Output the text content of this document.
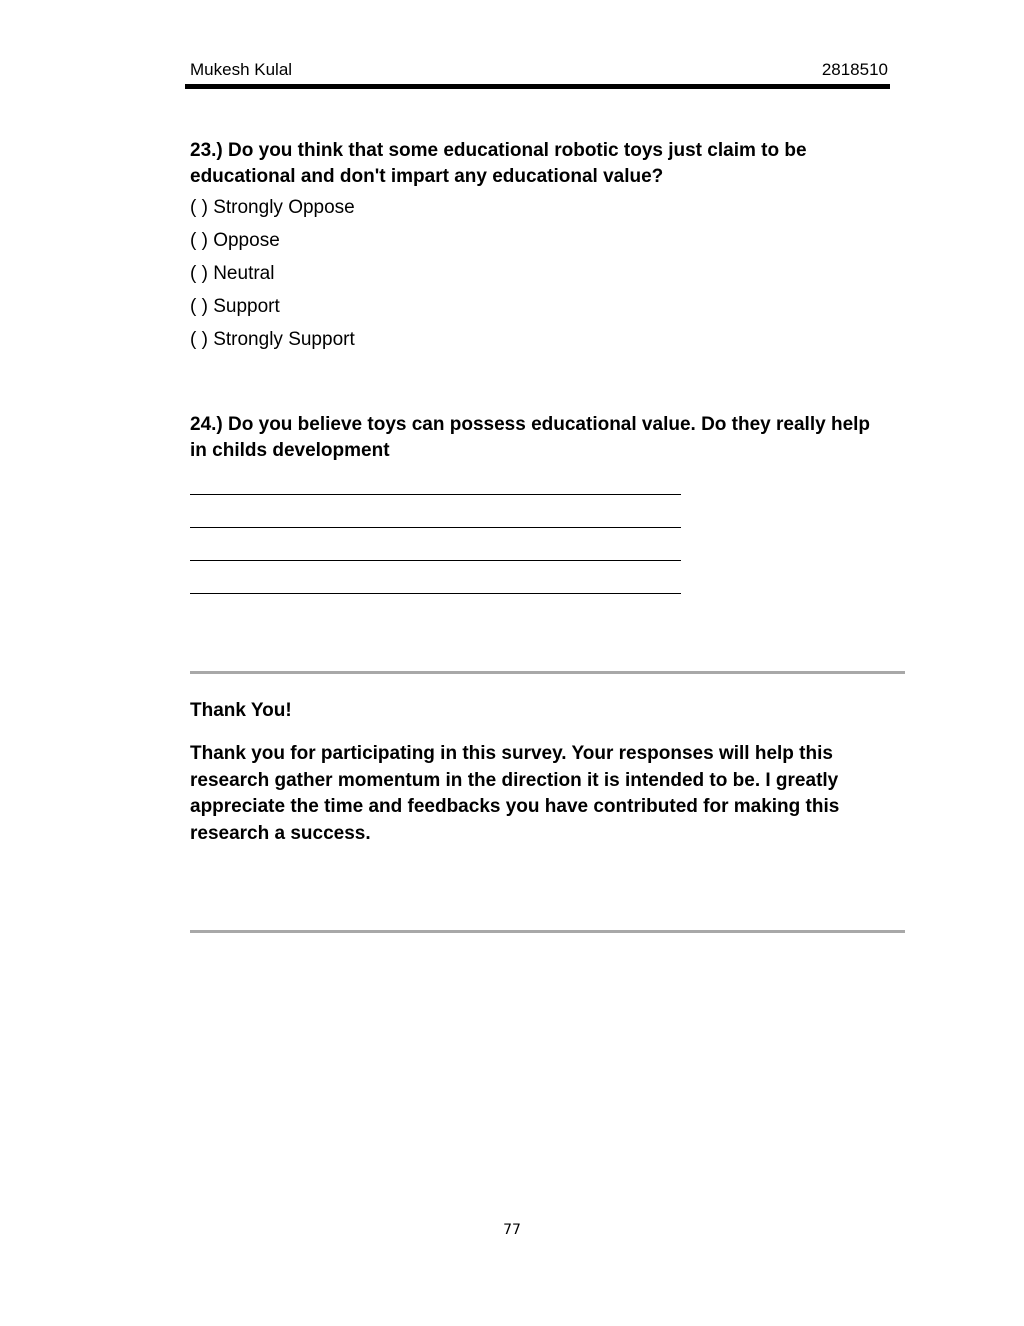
Mukesh Kulal	2818510
23.) Do you think that some educational robotic toys just claim to be educational and don't impart any educational value?
( ) Strongly Oppose
( ) Oppose
( ) Neutral
( ) Support
( ) Strongly Support
24.) Do you believe toys can possess educational value. Do they really help in childs development
Thank You!
Thank you for participating in this survey. Your responses will help this research gather momentum in the direction it is intended to be. I greatly appreciate the time and feedbacks you have contributed for making this research a success.
77
